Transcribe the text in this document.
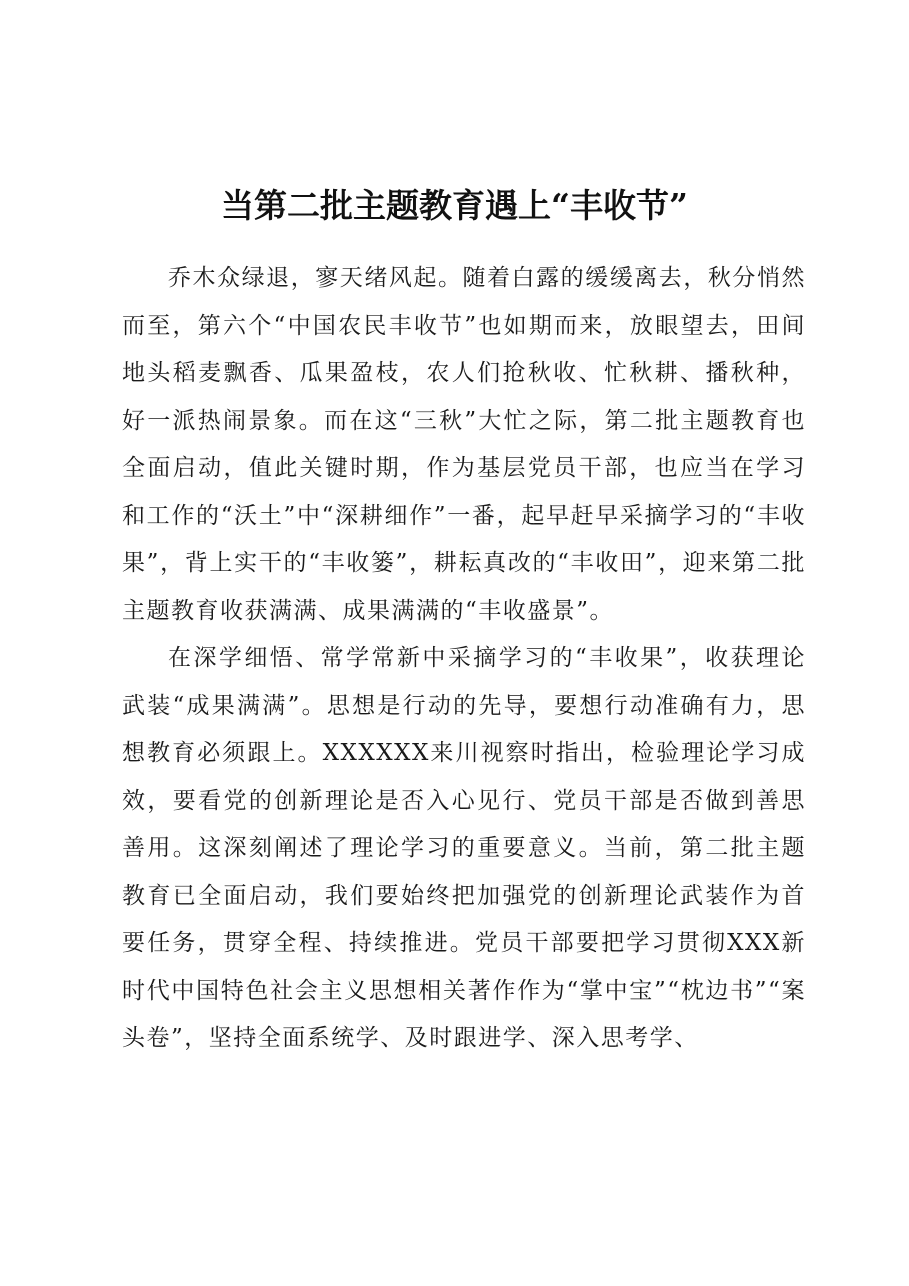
当第二批主题教育遇上“丰收节”

乔木众绿退，寥天绪风起。随着白露的缓缓离去，秋分悄然而至，第六个“中国农民丰收节”也如期而来，放眼望去，田间地头稻麦飘香、瓜果盈枝，农人们抢秋收、忙秋耕、播秋种，好一派热闹景象。而在这“三秋”大忙之际，第二批主题教育也全面启动，值此关键时期，作为基层党员干部，也应当在学习和工作的“沃土”中“深耕细作”一番，起早赶早采摘学习的“丰收果”，背上实干的“丰收篓”，耕耘真改的“丰收田”，迎来第二批主题教育收获满满、成果满满的“丰收盛景”。

在深学细悟、常学常新中采摘学习的“丰收果”，收获理论武装“成果满满”。思想是行动的先导，要想行动准确有力，思想教育必须跟上。XXXXXX来川视察时指出，检验理论学习成效，要看党的创新理论是否入心见行、党员干部是否做到善思善用。这深刻阐述了理论学习的重要意义。当前，第二批主题教育已全面启动，我们要始终把加强党的创新理论武装作为首要任务，贯穿全程、持续推进。党员干部要把学习贯彻XXX新时代中国特色社会主义思想相关著作作为“掌中宝”“枕边书”“案头卷”，坚持全面系统学、及时跟进学、深入思考学、
